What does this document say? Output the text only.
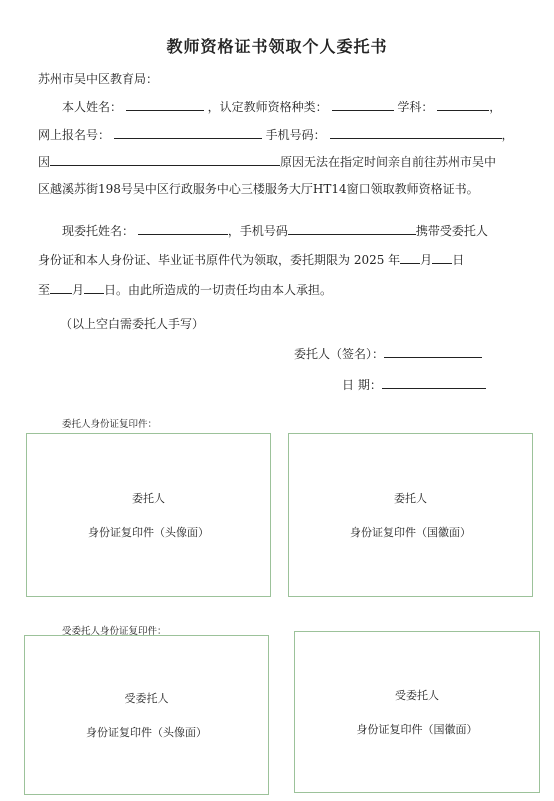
教师资格证书领取个人委托书
苏州市吴中区教育局：
本人姓名：	，认定教师资格种类：	学科：	，
网上报名号：	手机号码：	，
因	原因无法在指定时间亲自前往苏州市吴中
区越溪苏街198号吴中区行政服务中心三楼服务大厅HT14窗口领取教师资格证书。
现委托姓名：	，手机号码	携带受委托人
身份证和本人身份证、毕业证书原件代为领取，委托期限为 2025 年 月 日
至 月 日。由此所造成的一切责任均由本人承担。
（以上空白需委托人手写）
委托人（签名）：
日 期：
委托人身份证复印件：
委托人
身份证复印件（头像面）
委托人
身份证复印件（国徽面）
受委托人身份证复印件：
受委托人
身份证复印件（头像面）
受委托人
身份证复印件（国徽面）
